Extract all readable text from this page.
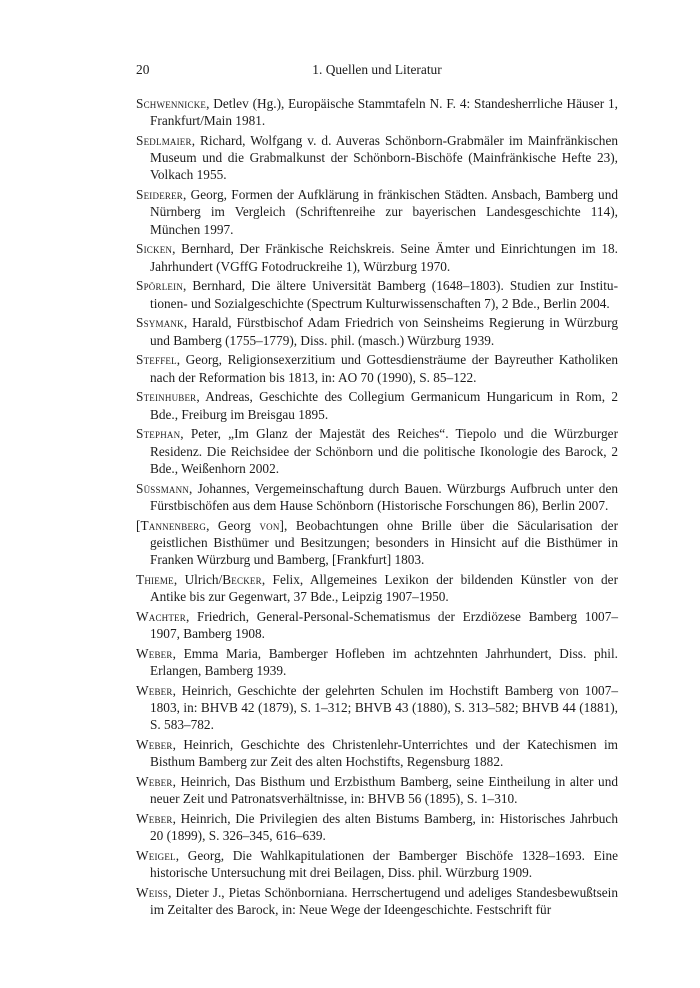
20	1. Quellen und Literatur
Schwennicke, Detlev (Hg.), Europäische Stammtafeln N. F. 4: Standesherrliche Häuser 1, Frankfurt/Main 1981.
Sedlmaier, Richard, Wolfgang v. d. Auveras Schönborn-Grabmäler im Mainfränkischen Museum und die Grabmalkunst der Schönborn-Bischöfe (Mainfränkische Hefte 23), Volkach 1955.
Seiderer, Georg, Formen der Aufklärung in fränkischen Städten. Ansbach, Bamberg und Nürnberg im Vergleich (Schriftenreihe zur bayerischen Landesgeschichte 114), München 1997.
Sicken, Bernhard, Der Fränkische Reichskreis. Seine Ämter und Einrichtungen im 18. Jahrhundert (VGffG Fotodruckreihe 1), Würzburg 1970.
Spörlein, Bernhard, Die ältere Universität Bamberg (1648–1803). Studien zur Institutionen- und Sozialgeschichte (Spectrum Kulturwissenschaften 7), 2 Bde., Berlin 2004.
Ssymank, Harald, Fürstbischof Adam Friedrich von Seinsheims Regierung in Würzburg und Bamberg (1755–1779), Diss. phil. (masch.) Würzburg 1939.
Steffel, Georg, Religionsexerzitium und Gottesdiensträume der Bayreuther Katholiken nach der Reformation bis 1813, in: AO 70 (1990), S. 85–122.
Steinhuber, Andreas, Geschichte des Collegium Germanicum Hungaricum in Rom, 2 Bde., Freiburg im Breisgau 1895.
Stephan, Peter, „Im Glanz der Majestät des Reiches“. Tiepolo und die Würzburger Residenz. Die Reichsidee der Schönborn und die politische Ikonologie des Barock, 2 Bde., Weißenhorn 2002.
Süssmann, Johannes, Vergemeinschaftung durch Bauen. Würzburgs Aufbruch unter den Fürstbischöfen aus dem Hause Schönborn (Historische Forschungen 86), Berlin 2007.
[Tannenberg, Georg von], Beobachtungen ohne Brille über die Säcularisation der geistlichen Bisthümer und Besitzungen; besonders in Hinsicht auf die Bisthümer in Franken Würzburg und Bamberg, [Frankfurt] 1803.
Thieme, Ulrich/Becker, Felix, Allgemeines Lexikon der bildenden Künstler von der Antike bis zur Gegenwart, 37 Bde., Leipzig 1907–1950.
Wachter, Friedrich, General-Personal-Schematismus der Erzdiözese Bamberg 1007–1907, Bamberg 1908.
Weber, Emma Maria, Bamberger Hofleben im achtzehnten Jahrhundert, Diss. phil. Erlangen, Bamberg 1939.
Weber, Heinrich, Geschichte der gelehrten Schulen im Hochstift Bamberg von 1007–1803, in: BHVB 42 (1879), S. 1–312; BHVB 43 (1880), S. 313–582; BHVB 44 (1881), S. 583–782.
Weber, Heinrich, Geschichte des Christenlehr-Unterrichtes und der Katechismen im Bisthum Bamberg zur Zeit des alten Hochstifts, Regensburg 1882.
Weber, Heinrich, Das Bisthum und Erzbisthum Bamberg, seine Eintheilung in alter und neuer Zeit und Patronatsverhältnisse, in: BHVB 56 (1895), S. 1–310.
Weber, Heinrich, Die Privilegien des alten Bistums Bamberg, in: Historisches Jahrbuch 20 (1899), S. 326–345, 616–639.
Weigel, Georg, Die Wahlkapitulationen der Bamberger Bischöfe 1328–1693. Eine historische Untersuchung mit drei Beilagen, Diss. phil. Würzburg 1909.
Weiss, Dieter J., Pietas Schönborniana. Herrschertugend und adeliges Standesbewußtsein im Zeitalter des Barock, in: Neue Wege der Ideengeschichte. Festschrift für
